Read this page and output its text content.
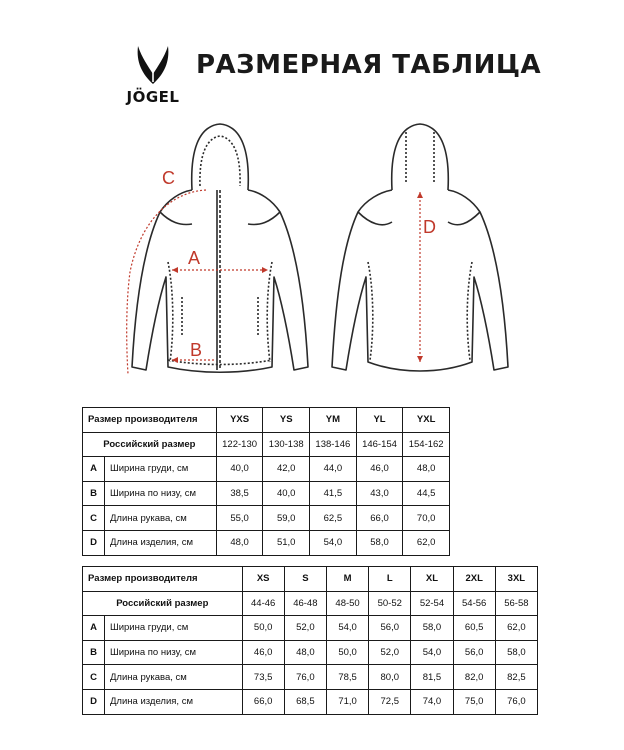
JÖGEL
РАЗМЕРНАЯ ТАБЛИЦА
A
B
C
D
Размер производителя		YXS	YS	YM	YL	YXL
Российский размер		122-130	130-138	138-146	146-154	154-162
A	Ширина груди, см	40,0	42,0	44,0	46,0	48,0
B	Ширина по низу, см	38,5	40,0	41,5	43,0	44,5
C	Длина рукава, см	55,0	59,0	62,5	66,0	70,0
D	Длина изделия, см	48,0	51,0	54,0	58,0	62,0
Размер производителя		XS	S	M	L	XL	2XL	3XL
Российский размер		44-46	46-48	48-50	50-52	52-54	54-56	56-58
A	Ширина груди, см	50,0	52,0	54,0	56,0	58,0	60,5	62,0
B	Ширина по низу, см	46,0	48,0	50,0	52,0	54,0	56,0	58,0
C	Длина рукава, см	73,5	76,0	78,5	80,0	81,5	82,0	82,5
D	Длина изделия, см	66,0	68,5	71,0	72,5	74,0	75,0	76,0
